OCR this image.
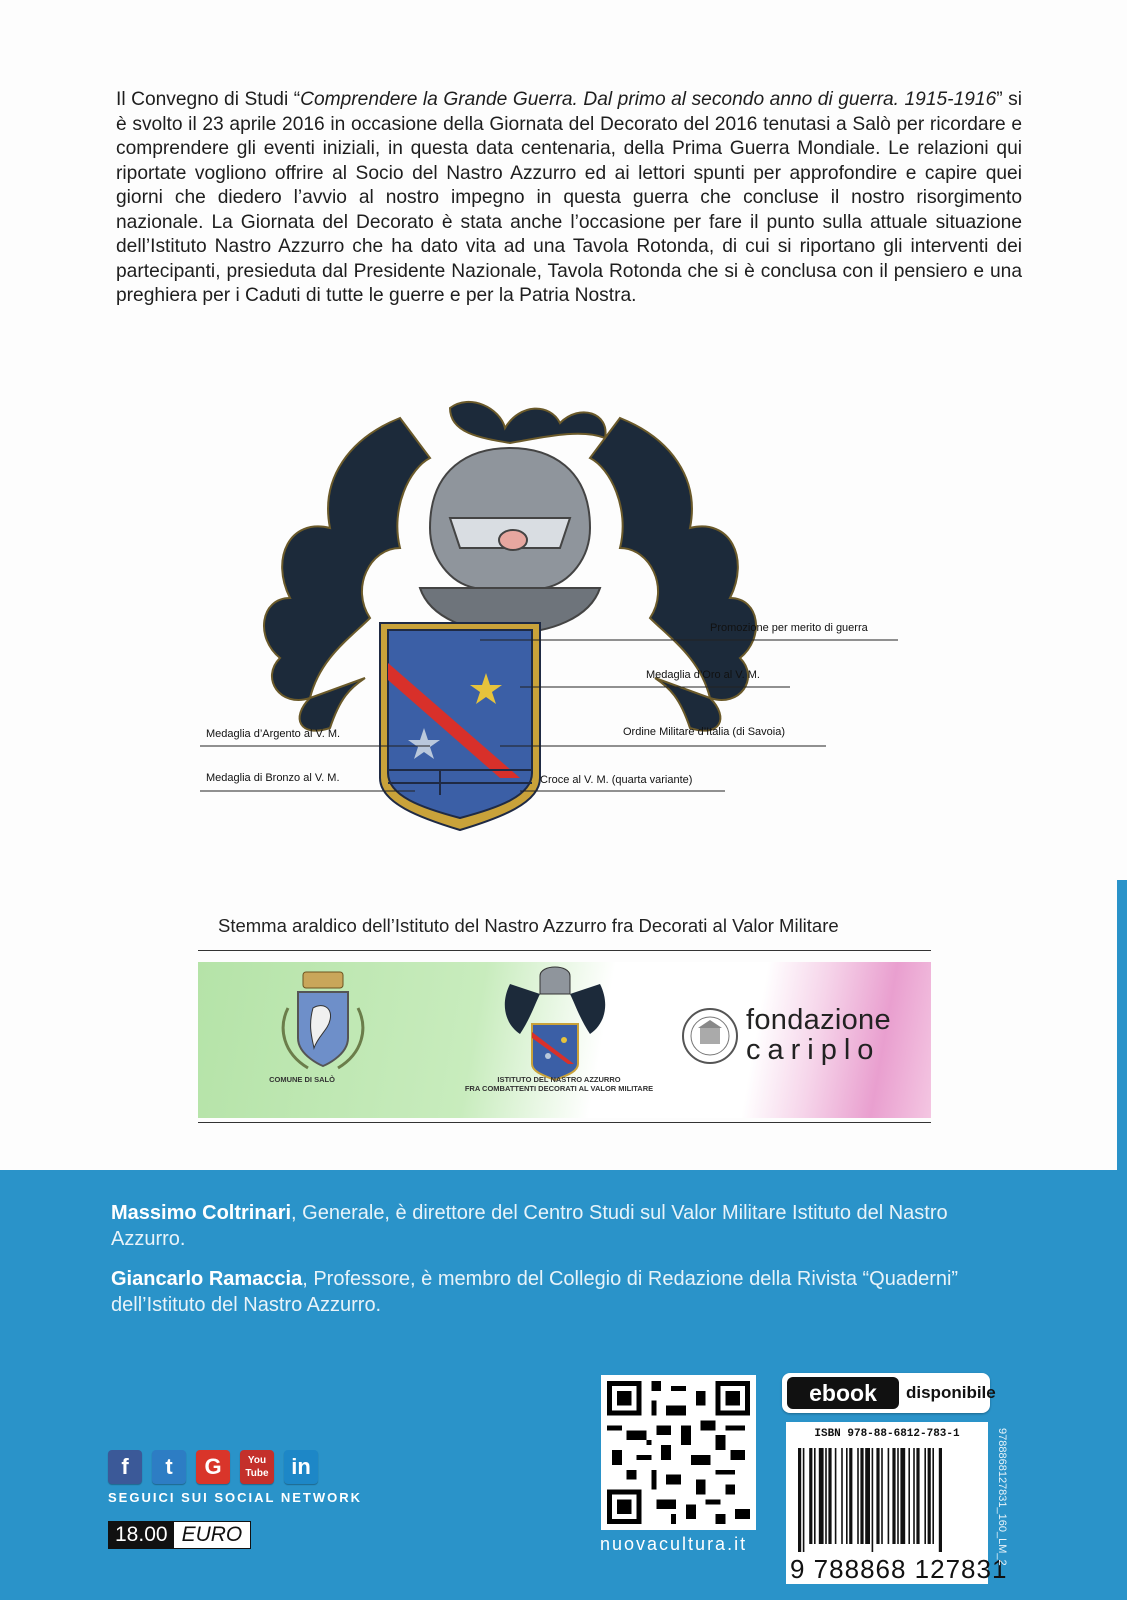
Il Convegno di Studi “Comprendere la Grande Guerra. Dal primo al secondo anno di guerra. 1915-1916” si è svolto il 23 aprile 2016 in occasione della Giornata del Decorato del 2016 tenutasi a Salò per ricordare e comprendere gli eventi iniziali, in questa data centenaria, della Prima Guerra Mondiale. Le relazioni qui riportate vogliono offrire al Socio del Nastro Azzurro ed ai lettori spunti per approfondire e capire quei giorni che diedero l’avvio al nostro impegno in questa guerra che concluse il nostro risorgimento nazionale. La Giornata del Decorato è stata anche l’occasione per fare il punto sulla attuale situazione dell’Istituto Nastro Azzurro che ha dato vita ad una Tavola Rotonda, di cui si riportano gli interventi dei partecipanti, presieduta dal Presidente Nazionale, Tavola Rotonda che si è conclusa con il pensiero e una preghiera per i Caduti di tutte le guerre e per la Patria Nostra.
Promozione per merito di guerra
Medaglia d’Oro al V. M.
Ordine Militare d’Italia (di Savoia)
Medaglia d’Argento al V. M.
Medaglia di Bronzo al V. M.	Croce al V. M. (quarta variante)
Stemma araldico dell’Istituto del Nastro Azzurro fra Decorati al Valor Militare
COMUNE DI SALÒ	ISTITUTO DEL NASTRO AZZURRO
FRA COMBATTENTI DECORATI AL VALOR MILITARE
fondazione
cariplo
Massimo Coltrinari, Generale, è direttore del Centro Studi sul Valor Militare Istituto del Nastro Azzurro.
Giancarlo Ramaccia, Professore, è membro del Collegio di Redazione della Rivista “Quaderni” dell’Istituto del Nastro Azzurro.
f	t	G	You Tube	in
SEGUICI SUI SOCIAL NETWORK
18.00 EURO	nuovacultura.it
ebook	disponibile
ISBN 978-88-6812-783-1
9 788868 127831
9788868127831_160_LM_2
